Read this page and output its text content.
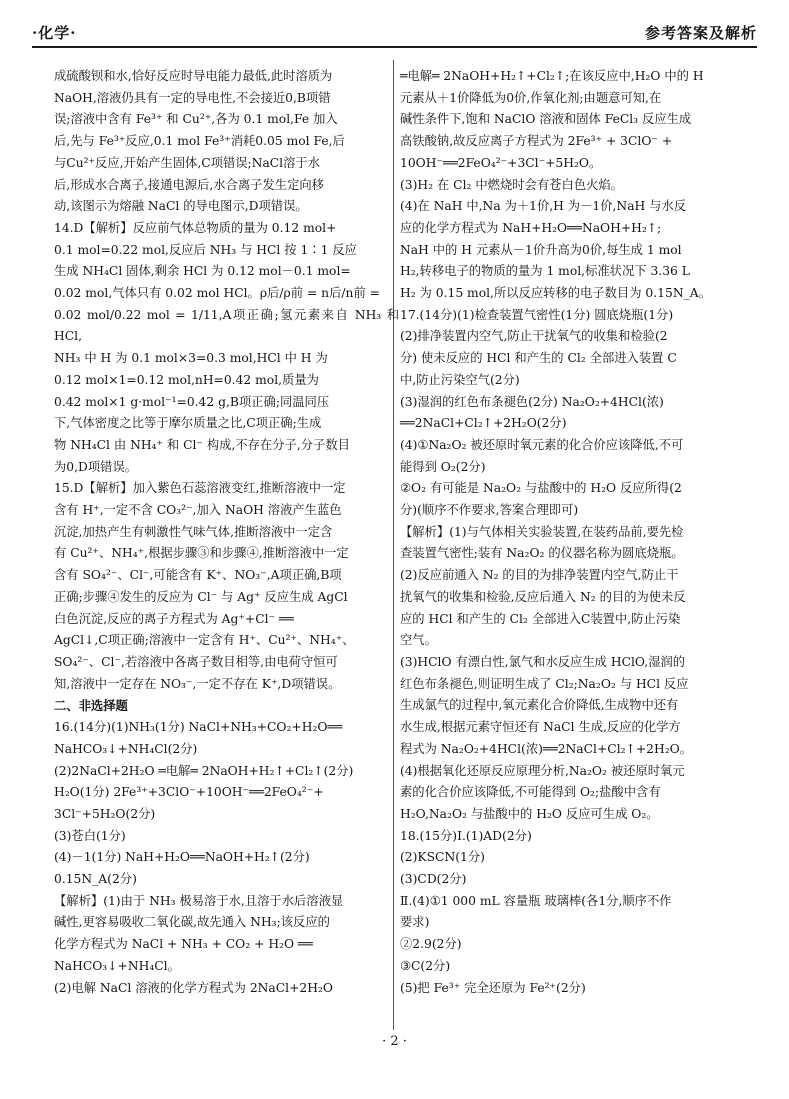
·化学·	参考答案及解析

成硫酸钡和水,恰好反应时导电能力最低,此时溶质为

NaOH,溶液仍具有一定的导电性,不会接近0,B项错

误;溶液中含有 Fe³⁺ 和 Cu²⁺,各为 0.1 mol,Fe 加入

后,先与 Fe³⁺反应,0.1 mol Fe³⁺消耗0.05 mol Fe,后

与Cu²⁺反应,开始产生固体,C项错误;NaCl溶于水

后,形成水合离子,接通电源后,水合离子发生定向移

动,该图示为熔融 NaCl 的导电图示,D项错误。

14.D【解析】反应前气体总物质的量为 0.12 mol+

0.1 mol=0.22 mol,反应后 NH₃ 与 HCl 按 1∶1 反应

生成 NH₄Cl 固体,剩余 HCl 为 0.12 mol－0.1 mol=

0.02 mol,气体只有 0.02 mol HCl。ρ后/ρ前 = n后/n前 =

0.02 mol/0.22 mol = 1/11,A项正确;氢元素来自 NH₃ 和 HCl,

NH₃ 中 H 为 0.1 mol×3=0.3 mol,HCl 中 H 为

0.12 mol×1=0.12 mol,nH=0.42 mol,质量为

0.42 mol×1 g·mol⁻¹=0.42 g,B项正确;同温同压

下,气体密度之比等于摩尔质量之比,C项正确;生成

物 NH₄Cl 由 NH₄⁺ 和 Cl⁻ 构成,不存在分子,分子数目

为0,D项错误。

15.D【解析】加入紫色石蕊溶液变红,推断溶液中一定

含有 H⁺,一定不含 CO₃²⁻,加入 NaOH 溶液产生蓝色

沉淀,加热产生有刺激性气味气体,推断溶液中一定含

有 Cu²⁺、NH₄⁺,根据步骤③和步骤④,推断溶液中一定

含有 SO₄²⁻、Cl⁻,可能含有 K⁺、NO₃⁻,A项正确,B项

正确;步骤④发生的反应为 Cl⁻ 与 Ag⁺ 反应生成 AgCl

白色沉淀,反应的离子方程式为 Ag⁺+Cl⁻ ══

AgCl↓,C项正确;溶液中一定含有 H⁺、Cu²⁺、NH₄⁺、

SO₄²⁻、Cl⁻,若溶液中各离子数目相等,由电荷守恒可

知,溶液中一定存在 NO₃⁻,一定不存在 K⁺,D项错误。

二、非选择题

16.(14分)(1)NH₃(1分) NaCl+NH₃+CO₂+H₂O══

NaHCO₃↓+NH₄Cl(2分)

(2)2NaCl+2H₂O ═电解═ 2NaOH+H₂↑+Cl₂↑(2分)

H₂O(1分) 2Fe³⁺+3ClO⁻+10OH⁻══2FeO₄²⁻+

3Cl⁻+5H₂O(2分)

(3)苍白(1分)

(4)－1(1分) NaH+H₂O══NaOH+H₂↑(2分)

0.15N_A(2分)

【解析】(1)由于 NH₃ 极易溶于水,且溶于水后溶液显

碱性,更容易吸收二氧化碳,故先通入 NH₃;该反应的

化学方程式为 NaCl + NH₃ + CO₂ + H₂O ══

NaHCO₃↓+NH₄Cl。

(2)电解 NaCl 溶液的化学方程式为 2NaCl+2H₂O

═电解═ 2NaOH+H₂↑+Cl₂↑;在该反应中,H₂O 中的 H

元素从＋1价降低为0价,作氧化剂;由题意可知,在

碱性条件下,饱和 NaClO 溶液和固体 FeCl₃ 反应生成

高铁酸钠,故反应离子方程式为 2Fe³⁺ + 3ClO⁻ +

10OH⁻══2FeO₄²⁻+3Cl⁻+5H₂O。

(3)H₂ 在 Cl₂ 中燃烧时会有苍白色火焰。

(4)在 NaH 中,Na 为＋1价,H 为－1价,NaH 与水反

应的化学方程式为 NaH+H₂O══NaOH+H₂↑;

NaH 中的 H 元素从－1价升高为0价,每生成 1 mol

H₂,转移电子的物质的量为 1 mol,标准状况下 3.36 L

H₂ 为 0.15 mol,所以反应转移的电子数目为 0.15N_A。

17.(14分)(1)检查装置气密性(1分) 圆底烧瓶(1分)

(2)排净装置内空气,防止干扰氧气的收集和检验(2

分) 使未反应的 HCl 和产生的 Cl₂ 全部进入装置 C

中,防止污染空气(2分)

(3)湿润的红色布条褪色(2分) Na₂O₂+4HCl(浓)

══2NaCl+Cl₂↑+2H₂O(2分)

(4)①Na₂O₂ 被还原时氧元素的化合价应该降低,不可

能得到 O₂(2分)

②O₂ 有可能是 Na₂O₂ 与盐酸中的 H₂O 反应所得(2

分)(顺序不作要求,答案合理即可)

【解析】(1)与气体相关实验装置,在装药品前,要先检

查装置气密性;装有 Na₂O₂ 的仪器名称为圆底烧瓶。

(2)反应前通入 N₂ 的目的为排净装置内空气,防止干

扰氧气的收集和检验,反应后通入 N₂ 的目的为使未反

应的 HCl 和产生的 Cl₂ 全部进入C装置中,防止污染

空气。

(3)HClO 有漂白性,氯气和水反应生成 HClO,湿润的

红色布条褪色,则证明生成了 Cl₂;Na₂O₂ 与 HCl 反应

生成氯气的过程中,氧元素化合价降低,生成物中还有

水生成,根据元素守恒还有 NaCl 生成,反应的化学方

程式为 Na₂O₂+4HCl(浓)══2NaCl+Cl₂↑+2H₂O。

(4)根据氧化还原反应原理分析,Na₂O₂ 被还原时氧元

素的化合价应该降低,不可能得到 O₂;盐酸中含有

H₂O,Na₂O₂ 与盐酸中的 H₂O 反应可生成 O₂。

18.(15分)Ⅰ.(1)AD(2分)

(2)KSCN(1分)

(3)CD(2分)

Ⅱ.(4)①1 000 mL 容量瓶 玻璃棒(各1分,顺序不作

要求)

②2.9(2分)

③C(2分)

(5)把 Fe³⁺ 完全还原为 Fe²⁺(2分)

· 2 ·
